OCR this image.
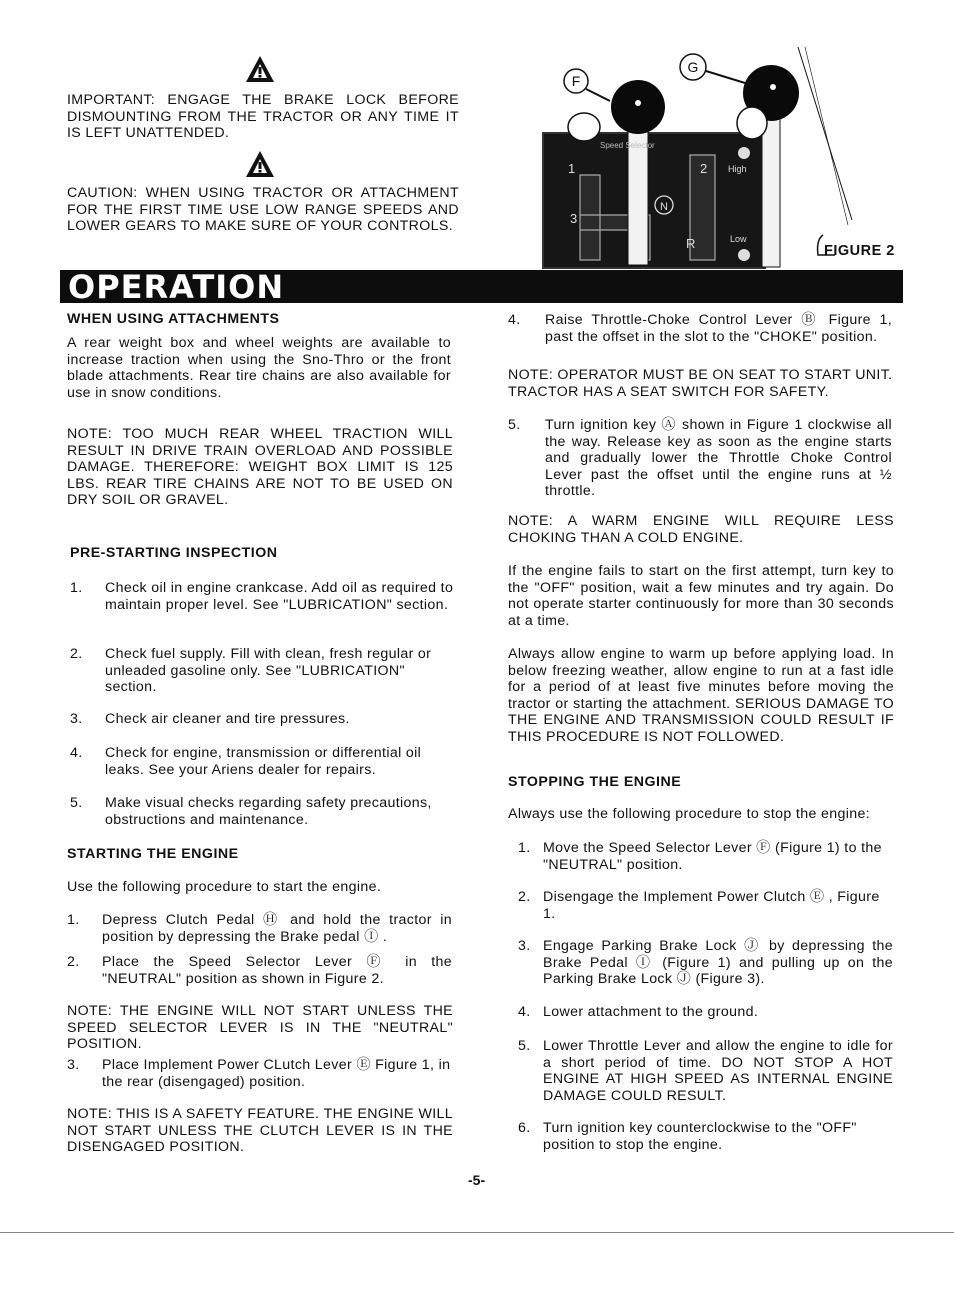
IMPORTANT: ENGAGE THE BRAKE LOCK BEFORE DISMOUNTING FROM THE TRACTOR OR ANY TIME IT IS LEFT UNATTENDED.

CAUTION: WHEN USING TRACTOR OR ATTACHMENT FOR THE FIRST TIME USE LOW RANGE SPEEDS AND LOWER GEARS TO MAKE SURE OF YOUR CONTROLS.

F
G
Speed Selector
1	2
3
R
N
High
Low
FIGURE 2
OPERATION
WHEN USING ATTACHMENTS

A rear weight box and wheel weights are available to increase traction when using the Sno-Thro or the front blade attachments. Rear tire chains are also available for use in snow conditions.

NOTE: TOO MUCH REAR WHEEL TRACTION WILL RESULT IN DRIVE TRAIN OVERLOAD AND POSSIBLE DAMAGE. THEREFORE: WEIGHT BOX LIMIT IS 125 LBS. REAR TIRE CHAINS ARE NOT TO BE USED ON DRY SOIL OR GRAVEL.

PRE-STARTING INSPECTION
1. Check oil in engine crankcase. Add oil as required to maintain proper level. See "LUBRICATION" section.
2. Check fuel supply. Fill with clean, fresh regular or unleaded gasoline only. See "LUBRICATION" section.
3. Check air cleaner and tire pressures.
4. Check for engine, transmission or differential oil leaks. See your Ariens dealer for repairs.
5. Make visual checks regarding safety precautions, obstructions and maintenance.
STARTING THE ENGINE

Use the following procedure to start the engine.

1. Depress Clutch Pedal Ⓗ and hold the tractor in position by depressing the Brake pedal Ⓘ .
2. Place the Speed Selector Lever Ⓕ in the "NEUTRAL" position as shown in Figure 2.

NOTE: THE ENGINE WILL NOT START UNLESS THE SPEED SELECTOR LEVER IS IN THE "NEUTRAL" POSITION.

3. Place Implement Power CLutch Lever Ⓔ Figure 1, in the rear (disengaged) position.

NOTE: THIS IS A SAFETY FEATURE. THE ENGINE WILL NOT START UNLESS THE CLUTCH LEVER IS IN THE DISENGAGED POSITION.

4. Raise Throttle-Choke Control Lever Ⓑ Figure 1, past the offset in the slot to the "CHOKE" position.

NOTE: OPERATOR MUST BE ON SEAT TO START UNIT. TRACTOR HAS A SEAT SWITCH FOR SAFETY.

5. Turn ignition key Ⓐ shown in Figure 1 clockwise all the way. Release key as soon as the engine starts and gradually lower the Throttle Choke Control Lever past the offset until the engine runs at ½ throttle.

NOTE: A WARM ENGINE WILL REQUIRE LESS CHOKING THAN A COLD ENGINE.

If the engine fails to start on the first attempt, turn key to the "OFF" position, wait a few minutes and try again. Do not operate starter continuously for more than 30 seconds at a time.

Always allow engine to warm up before applying load. In below freezing weather, allow engine to run at a fast idle for a period of at least five minutes before moving the tractor or starting the attachment. SERIOUS DAMAGE TO THE ENGINE AND TRANSMISSION COULD RESULT IF THIS PROCEDURE IS NOT FOLLOWED.

STOPPING THE ENGINE

Always use the following procedure to stop the engine:

1. Move the Speed Selector Lever Ⓕ (Figure 1) to the "NEUTRAL" position.
2. Disengage the Implement Power Clutch Ⓔ , Figure 1.
3. Engage Parking Brake Lock Ⓙ by depressing the Brake Pedal Ⓘ (Figure 1) and pulling up on the Parking Brake Lock Ⓙ (Figure 3).
4. Lower attachment to the ground.
5. Lower Throttle Lever and allow the engine to idle for a short period of time. DO NOT STOP A HOT ENGINE AT HIGH SPEED AS INTERNAL ENGINE DAMAGE COULD RESULT.
6. Turn ignition key counterclockwise to the "OFF" position to stop the engine.
-5-
